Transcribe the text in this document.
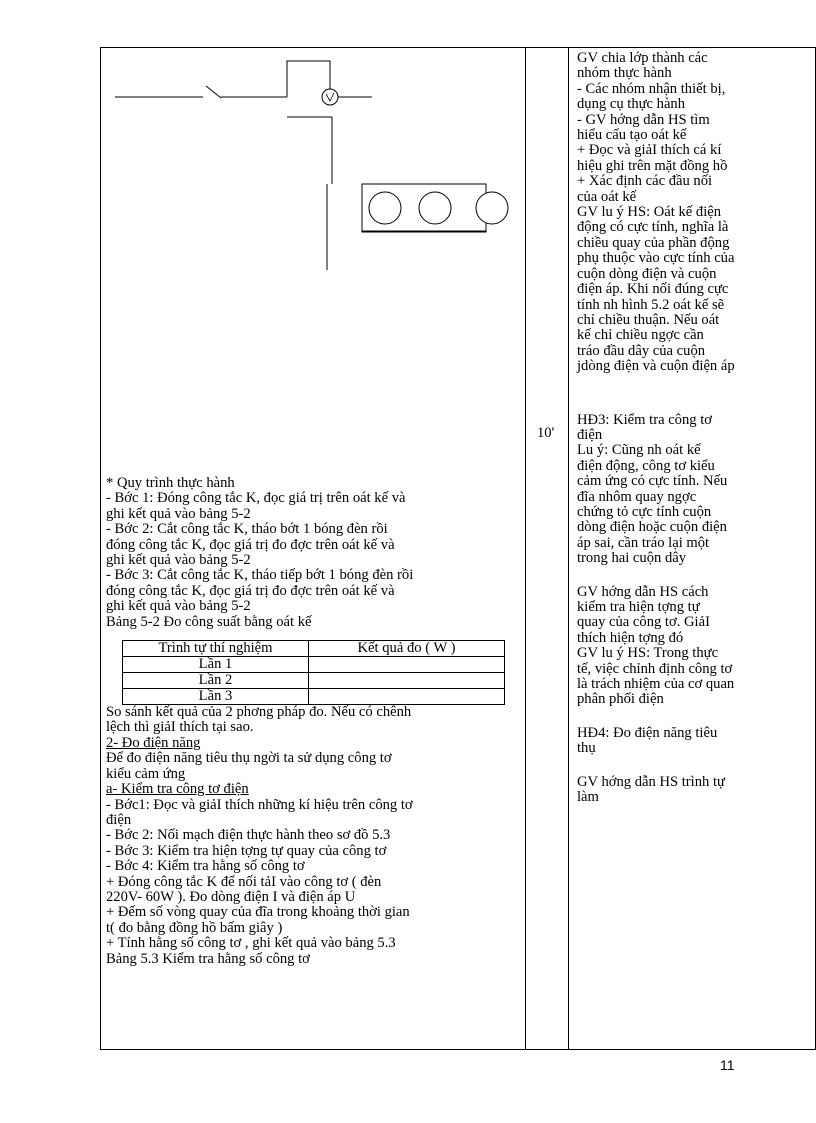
* Quy trình thực hành
- Bớc 1: Đóng công tắc K, đọc giá trị trên oát kế và
ghi kết quả vào bảng 5-2
- Bớc 2: Cắt công tắc K, tháo bớt 1 bóng đèn rồi
đóng công tắc K, đọc giá trị đo đợc trên oát kế và
ghi kết quả vào bảng 5-2
- Bớc 3: Cắt công tắc K, tháo tiếp bớt 1 bóng đèn rồi
đóng công tắc K, đọc giá trị đo đợc trên oát kế và
ghi kết quả vào bảng 5-2
Bảng 5-2 Đo công suất bằng oát kế
Trình tự thí nghiệm	Kết quả đo ( W )
Lần 1	
Lần 2	
Lần 3	
So sánh kết quả của 2 phơng pháp đo. Nếu có chênh
lệch thì giảI thích tại sao.
2- Đo điện năng
Để đo điện năng tiêu thụ ngời ta sử dụng công tơ
kiểu cảm ứng
a- Kiểm tra công tơ điện
- Bớc1: Đọc và giảI thích những kí hiệu trên công tơ
điện
- Bớc 2: Nối mạch điện thực hành theo sơ đồ 5.3
- Bớc 3: Kiểm tra hiện tợng tự quay của công tơ
- Bớc 4: Kiểm tra hằng số công tơ
+ Đóng công tắc K để nối tảI vào công tơ ( đèn
220V- 60W ). Đo dòng điện I và điện áp U
+ Đếm số vòng quay của đĩa trong khoảng thời gian
t( đo bằng đồng hồ bấm giây )
+ Tính hằng số công tơ , ghi kết quả vào bảng 5.3
Bảng 5.3 Kiểm tra hằng số công tơ
10'
GV chia lớp thành các
nhóm thực hành
- Các nhóm nhận thiết bị,
dụng cụ thực hành
- GV hớng dẫn HS tìm
hiểu cấu tạo oát kế
+ Đọc và giảI thích cá kí
hiệu ghi trên mặt đồng hồ
+ Xác định các đầu nối
của oát kế
GV lu ý HS: Oát kế điện
động có cực tính, nghĩa là
chiều quay của phần động
phụ thuộc vào cực tính của
cuộn dòng điện và cuộn
điện áp. Khi nối đúng cực
tính nh hình 5.2 oát kế sẽ
chỉ chiều thuận. Nếu oát
kế chỉ chiều ngợc cần
tráo đầu dây của cuộn
jdòng điện và cuộn điện áp
HĐ3: Kiểm tra công tơ
điện
Lu ý: Cũng nh oát kế
điện động, công tơ kiểu
cảm ứng có cực tính. Nếu
đĩa nhôm quay ngợc
chứng tỏ cực tính cuộn
dòng điện hoặc cuộn điện
áp sai, cần tráo lại một
trong hai cuộn dây
GV hớng dẫn HS cách
kiểm tra hiện tợng tự
quay của công tơ. GiảI
thích hiện tợng đó
GV lu ý HS: Trong thực
tế, việc chỉnh định công tơ
là trách nhiệm của cơ quan
phân phối điện
HĐ4: Đo điện năng tiêu
thụ
GV hớng dẫn HS trình tự
làm
11
